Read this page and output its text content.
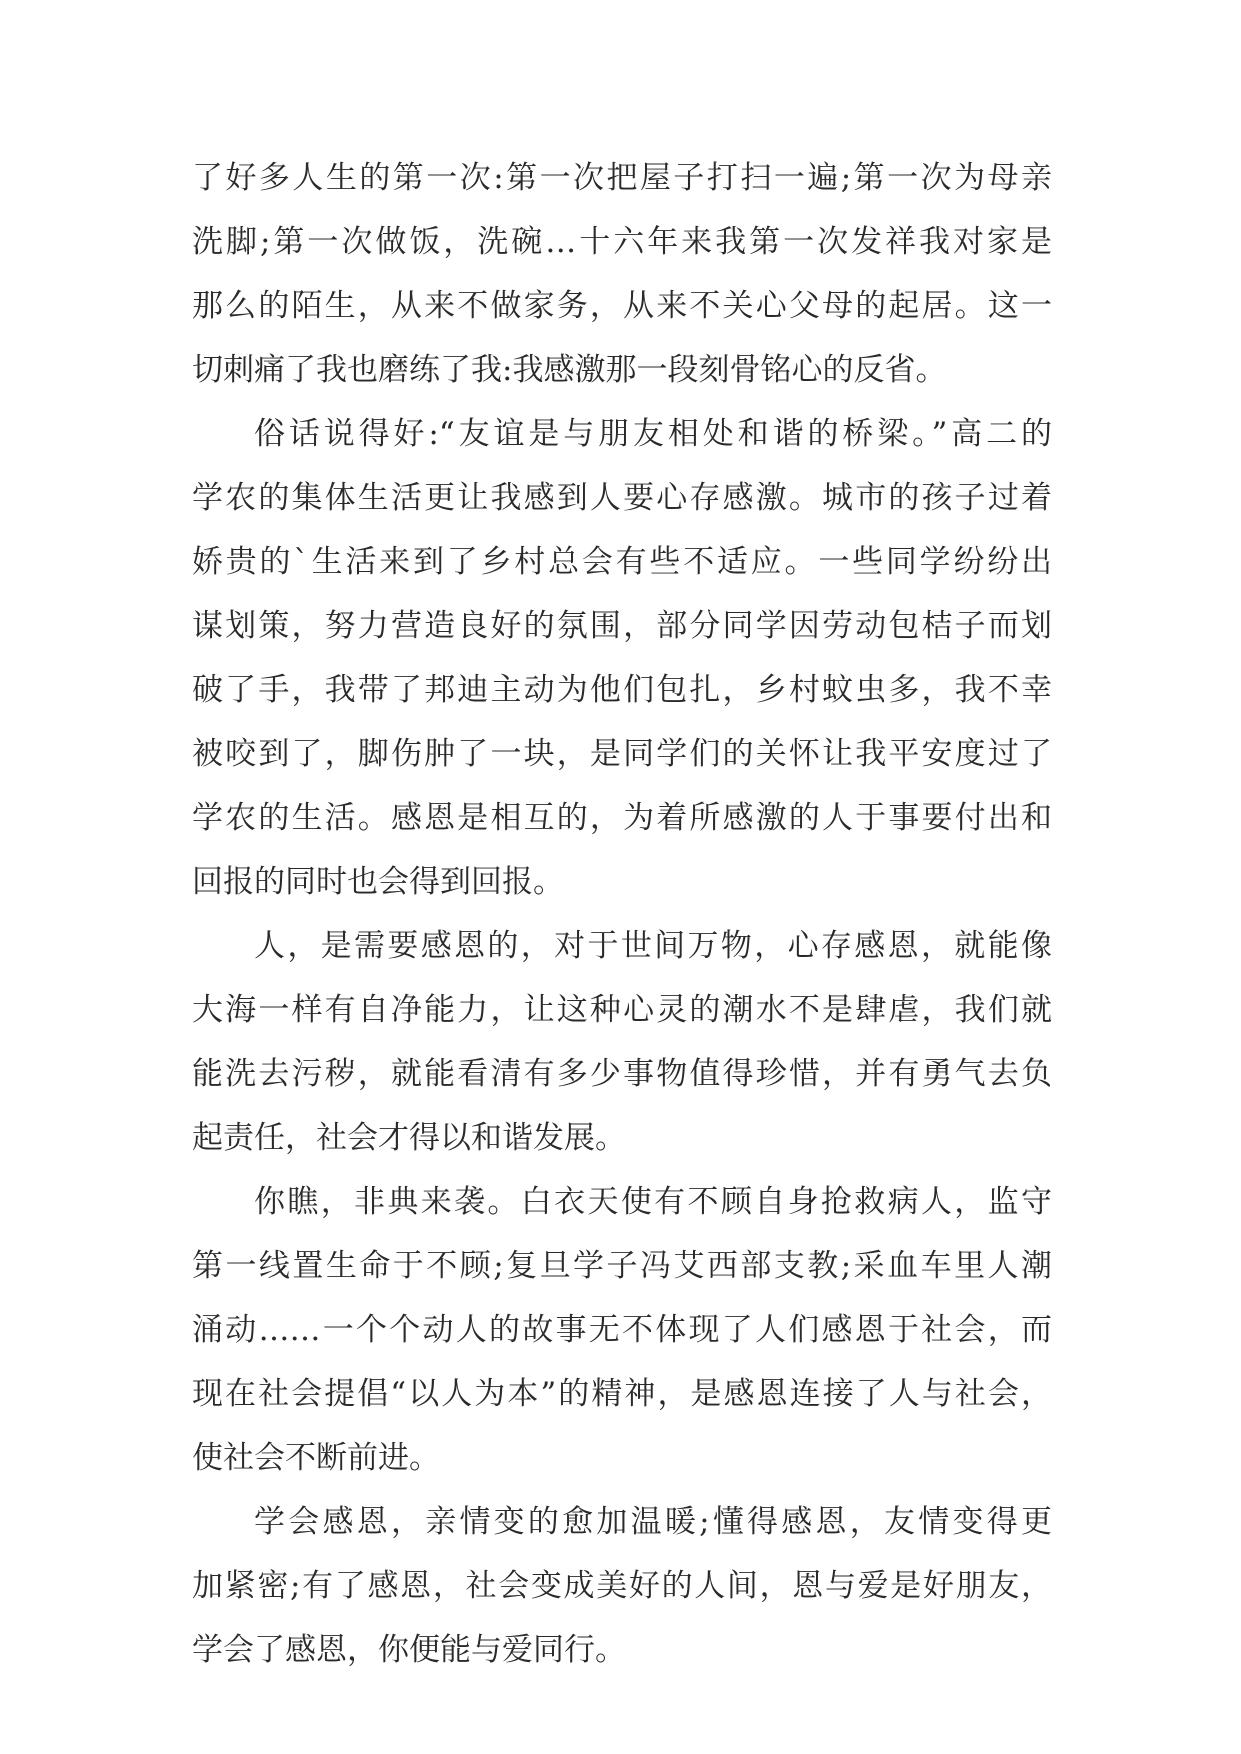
了好多人生的第一次:第一次把屋子打扫一遍;第一次为母亲
洗脚;第一次做饭，洗碗…十六年来我第一次发祥我对家是
那么的陌生，从来不做家务，从来不关心父母的起居。这一
切刺痛了我也磨练了我:我感激那一段刻骨铭心的反省。
俗话说得好:“友谊是与朋友相处和谐的桥梁。”高二的
学农的集体生活更让我感到人要心存感激。城市的孩子过着
娇贵的`生活来到了乡村总会有些不适应。一些同学纷纷出
谋划策，努力营造良好的氛围，部分同学因劳动包桔子而划
破了手，我带了邦迪主动为他们包扎，乡村蚊虫多，我不幸
被咬到了，脚伤肿了一块，是同学们的关怀让我平安度过了
学农的生活。感恩是相互的，为着所感激的人于事要付出和
回报的同时也会得到回报。
人，是需要感恩的，对于世间万物，心存感恩，就能像
大海一样有自净能力，让这种心灵的潮水不是肆虐，我们就
能洗去污秽，就能看清有多少事物值得珍惜，并有勇气去负
起责任，社会才得以和谐发展。
你瞧，非典来袭。白衣天使有不顾自身抢救病人，监守
第一线置生命于不顾;复旦学子冯艾西部支教;采血车里人潮
涌动……一个个动人的故事无不体现了人们感恩于社会，而
现在社会提倡“以人为本”的精神，是感恩连接了人与社会，
使社会不断前进。
学会感恩，亲情变的愈加温暖;懂得感恩，友情变得更
加紧密;有了感恩，社会变成美好的人间，恩与爱是好朋友，
学会了感恩，你便能与爱同行。
